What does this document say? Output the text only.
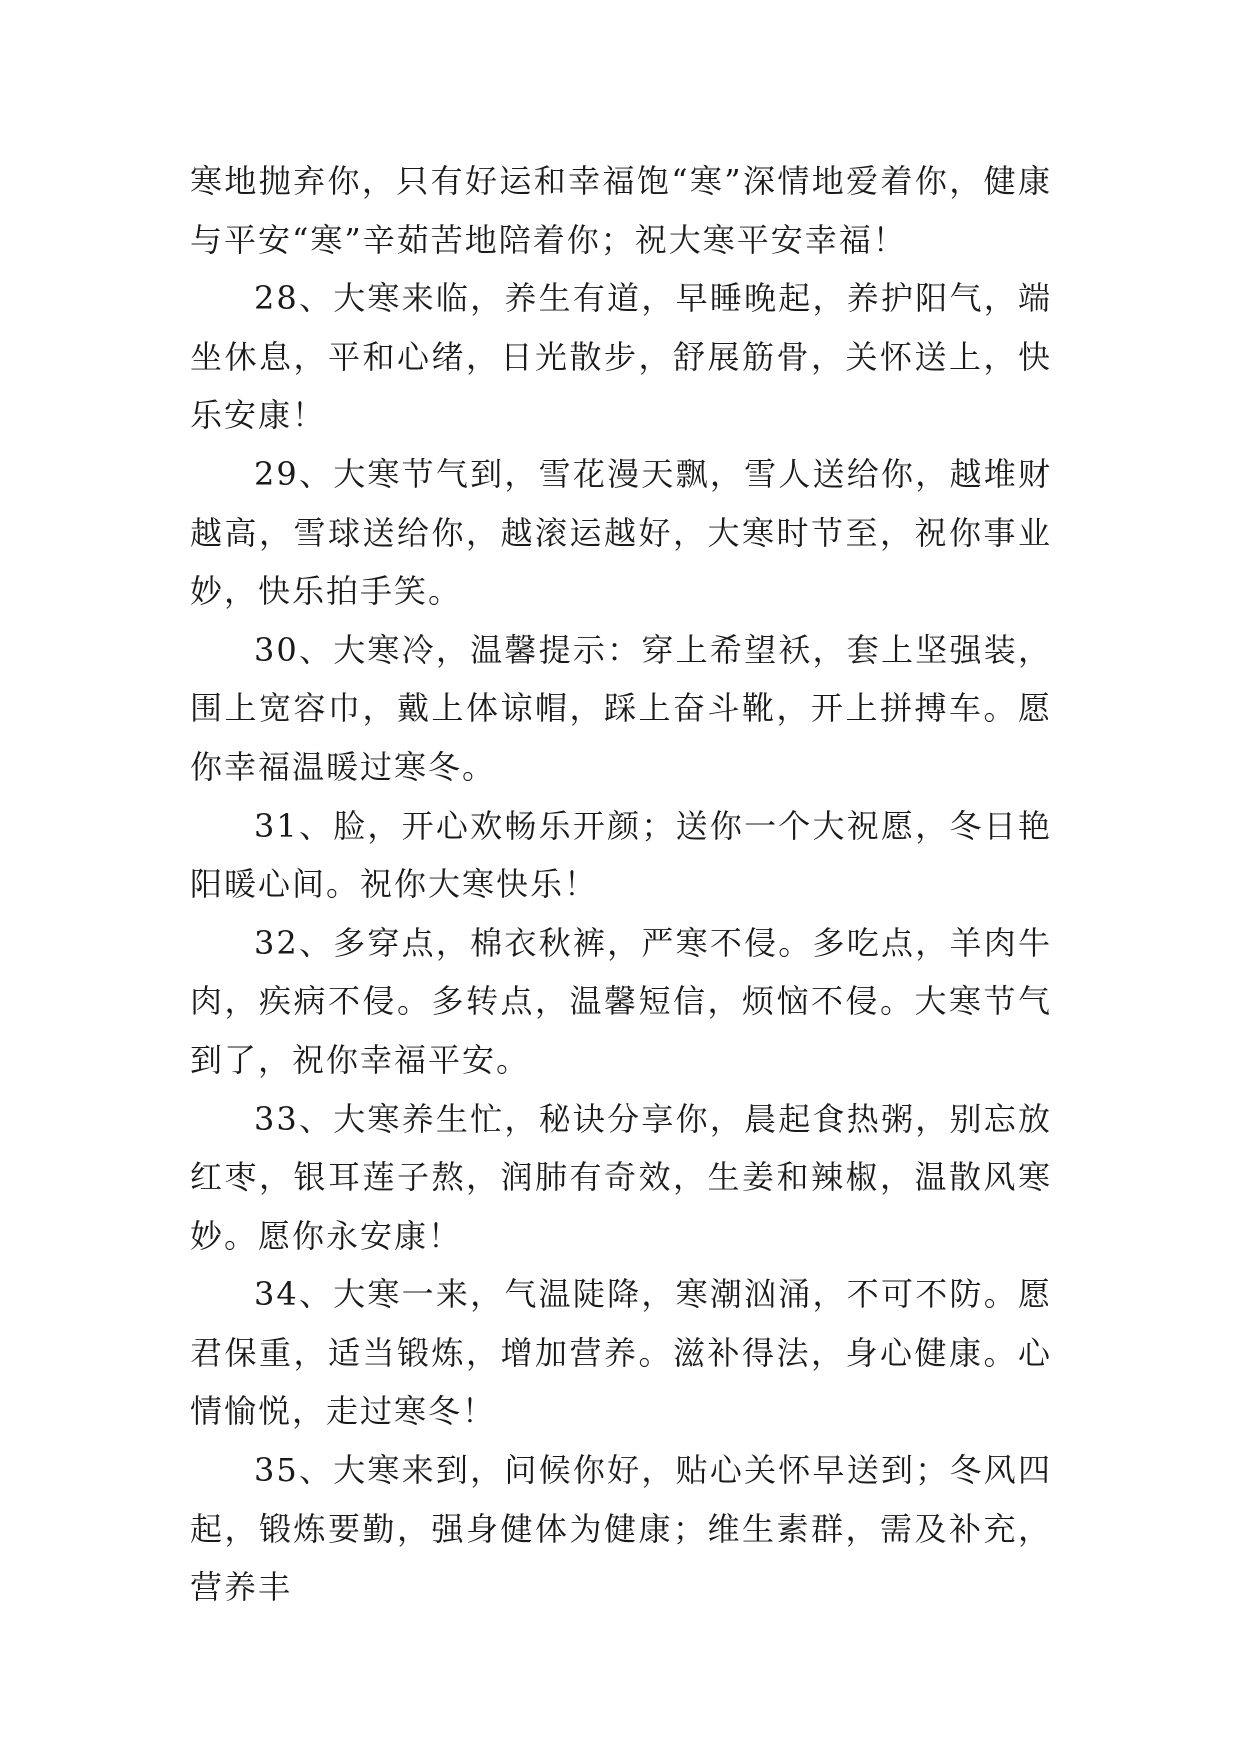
寒地抛弃你，只有好运和幸福饱“寒”深情地爱着你，健康与平安“寒”辛茹苦地陪着你；祝大寒平安幸福！

28、大寒来临，养生有道，早睡晚起，养护阳气，端坐休息，平和心绪，日光散步，舒展筋骨，关怀送上，快乐安康！

29、大寒节气到，雪花漫天飘，雪人送给你，越堆财越高，雪球送给你，越滚运越好，大寒时节至，祝你事业妙，快乐拍手笑。

30、大寒冷，温馨提示：穿上希望袄，套上坚强装，围上宽容巾，戴上体谅帽，踩上奋斗靴，开上拼搏车。愿你幸福温暖过寒冬。

31、脸，开心欢畅乐开颜；送你一个大祝愿，冬日艳阳暖心间。祝你大寒快乐！

32、多穿点，棉衣秋裤，严寒不侵。多吃点，羊肉牛肉，疾病不侵。多转点，温馨短信，烦恼不侵。大寒节气到了，祝你幸福平安。

33、大寒养生忙，秘诀分享你，晨起食热粥，别忘放红枣，银耳莲子熬，润肺有奇效，生姜和辣椒，温散风寒妙。愿你永安康！

34、大寒一来，气温陡降，寒潮汹涌，不可不防。愿君保重，适当锻炼，增加营养。滋补得法，身心健康。心情愉悦，走过寒冬！

35、大寒来到，问候你好，贴心关怀早送到；冬风四起，锻炼要勤，强身健体为健康；维生素群，需及补充，营养丰
